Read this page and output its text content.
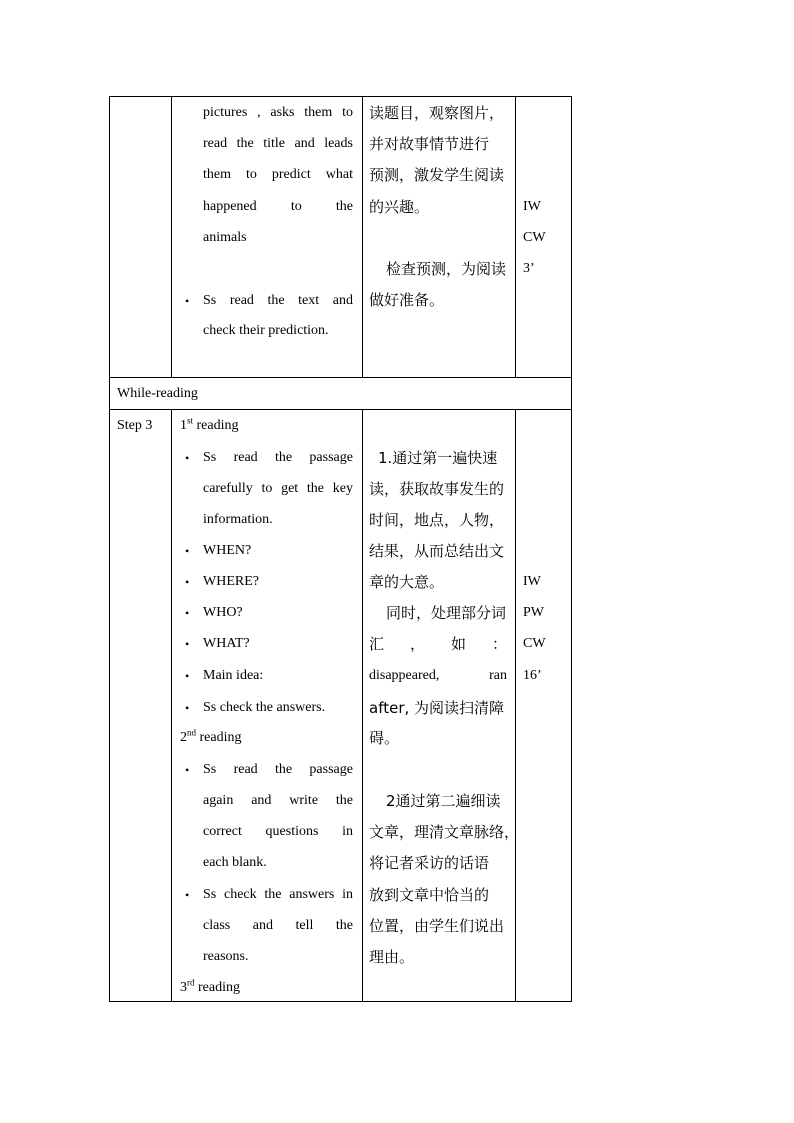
pictures , asks them to
read the title and leads
them to predict what
happened to the
animals
• Ss read the text and
check their prediction.
读题目，观察图片，
并对故事情节进行
预测，激发学生阅读
的兴趣。
检查预测，为阅读
做好准备。
IW
CW
3’
While-reading
Step 3 1st reading
• Ss read the passage
carefully to get the key
information.
• WHEN?
• WHERE?
• WHO?
• WHAT?
• Main idea:
• Ss check the answers.
2nd reading
• Ss read the passage
again and write the
correct questions in
each blank.
• Ss check the answers in
class and tell the
reasons.
3rd reading
1.通过第一遍快速
读，获取故事发生的
时间，地点，人物，
结果，从而总结出文
章的大意。
同时，处理部分词
汇 ， 如 ：
disappeared,	ran
after, 为阅读扫清障
碍。
2通过第二遍细读
文章，理清文章脉络，
将记者采访的话语
放到文章中恰当的
位置，由学生们说出
理由。
IW
PW
CW
16’
